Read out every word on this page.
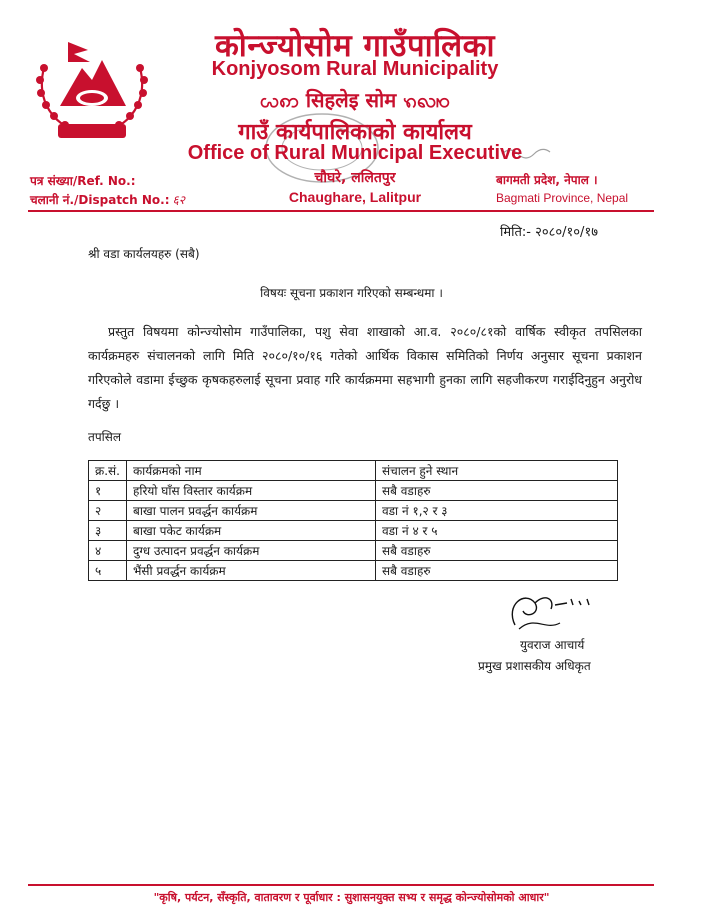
कोन्ज्योसोम गाउँपालिका
Konjyosom Rural Municipality
ꩬꩱ सिहलेइ सोम ꩫꩮꩯ
गाउँ कार्यपालिकाको कार्यालय
Office of Rural Municipal Executive
चौघरे, ललितपुर
Chaughare, Lalitpur
पत्र संख्या/Ref. No.:
चलानी नं./Dispatch No.: ६२
बागमती प्रदेश, नेपाल ।
Bagmati Province, Nepal
मिति:- २०८०/१०/१७
श्री वडा कार्यलयहरु (सबै)
विषयः सूचना प्रकाशन गरिएको सम्बन्धमा ।
प्रस्तुत विषयमा कोन्ज्योसोम गाउँपालिका, पशु सेवा शाखाको आ.व. २०८०/८१को वार्षिक स्वीकृत तपसिलका कार्यक्रमहरु संचालनको लागि मिति २०८०/१०/१६ गतेको आर्थिक विकास समितिको निर्णय अनुसार सूचना प्रकाशन गरिएकोले वडामा ईच्छुक कृषकहरुलाई सूचना प्रवाह गरि कार्यक्रममा सहभागी हुनका लागि सहजीकरण गराईदिनुहुन अनुरोध गर्दछु ।
तपसिल
क्र.सं.	कार्यक्रमको नाम	संचालन हुने स्थान
१	हरियो घाँस विस्तार कार्यक्रम	सबै वडाहरु
२	बाखा पालन प्रवर्द्धन कार्यक्रम	वडा नं १,२ र ३
३	बाखा पकेट कार्यक्रम	वडा नं ४ र ५
४	दुग्ध उत्पादन प्रवर्द्धन कार्यक्रम	सबै वडाहरु
५	भैंसी प्रवर्द्धन कार्यक्रम	सबै वडाहरु
युवराज आचार्य
प्रमुख प्रशासकीय अधिकृत
"कृषि, पर्यटन, सँस्कृति, वातावरण र पूर्वाधार : सुशासनयुक्त सभ्य र समृद्ध कोन्ज्योसोमको आधार"
